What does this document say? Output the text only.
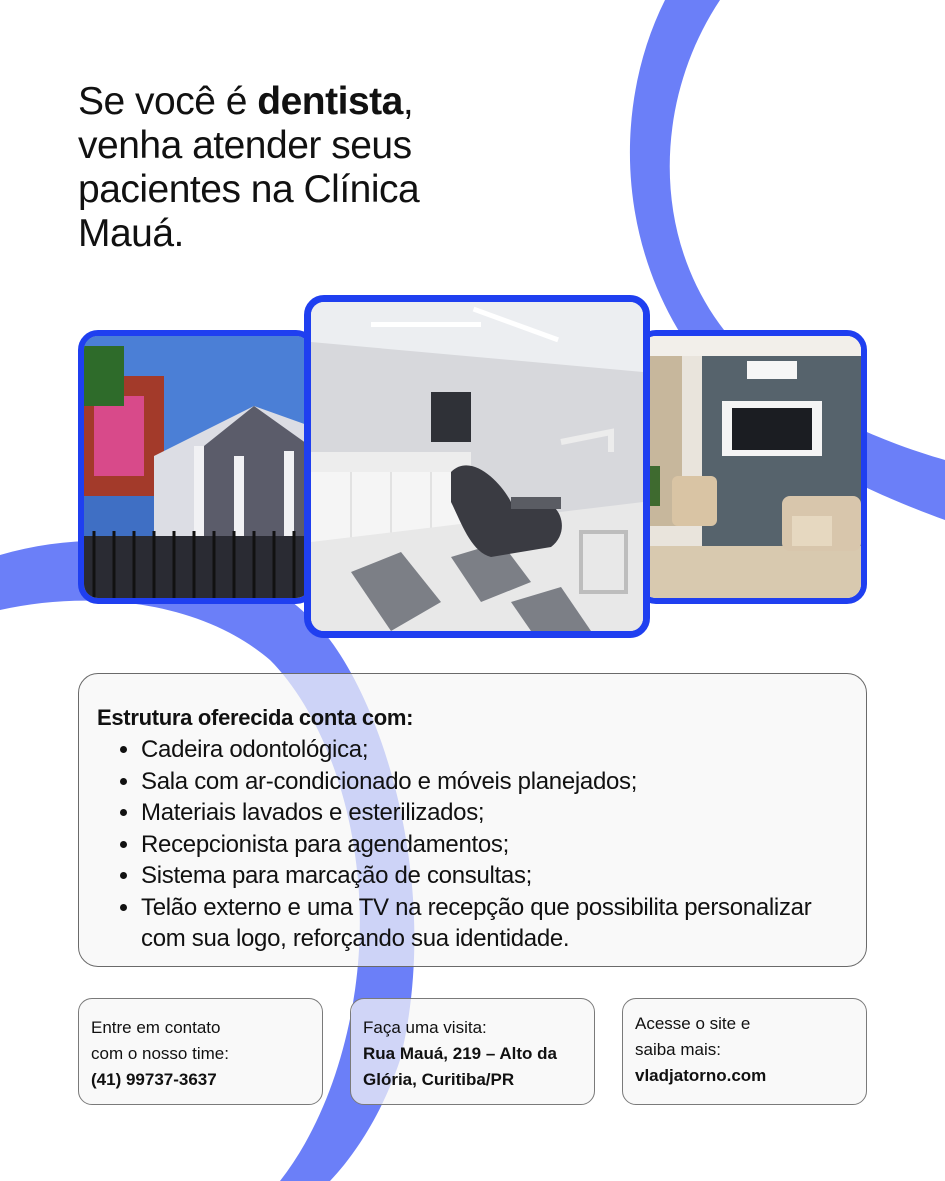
Se você é dentista, venha atender seus pacientes na Clínica Mauá.
Estrutura oferecida conta com:
• Cadeira odontológica;
• Sala com ar-condicionado e móveis planejados;
• Materiais lavados e esterilizados;
• Recepcionista para agendamentos;
• Sistema para marcação de consultas;
• Telão externo e uma TV na recepção que possibilita personalizar com sua logo, reforçando sua identidade.
Entre em contato
com o nosso time:
(41) 99737-3637
Faça uma visita:
Rua Mauá, 219 – Alto da Glória, Curitiba/PR
Acesse o site e
saiba mais:
vladjatorno.com
